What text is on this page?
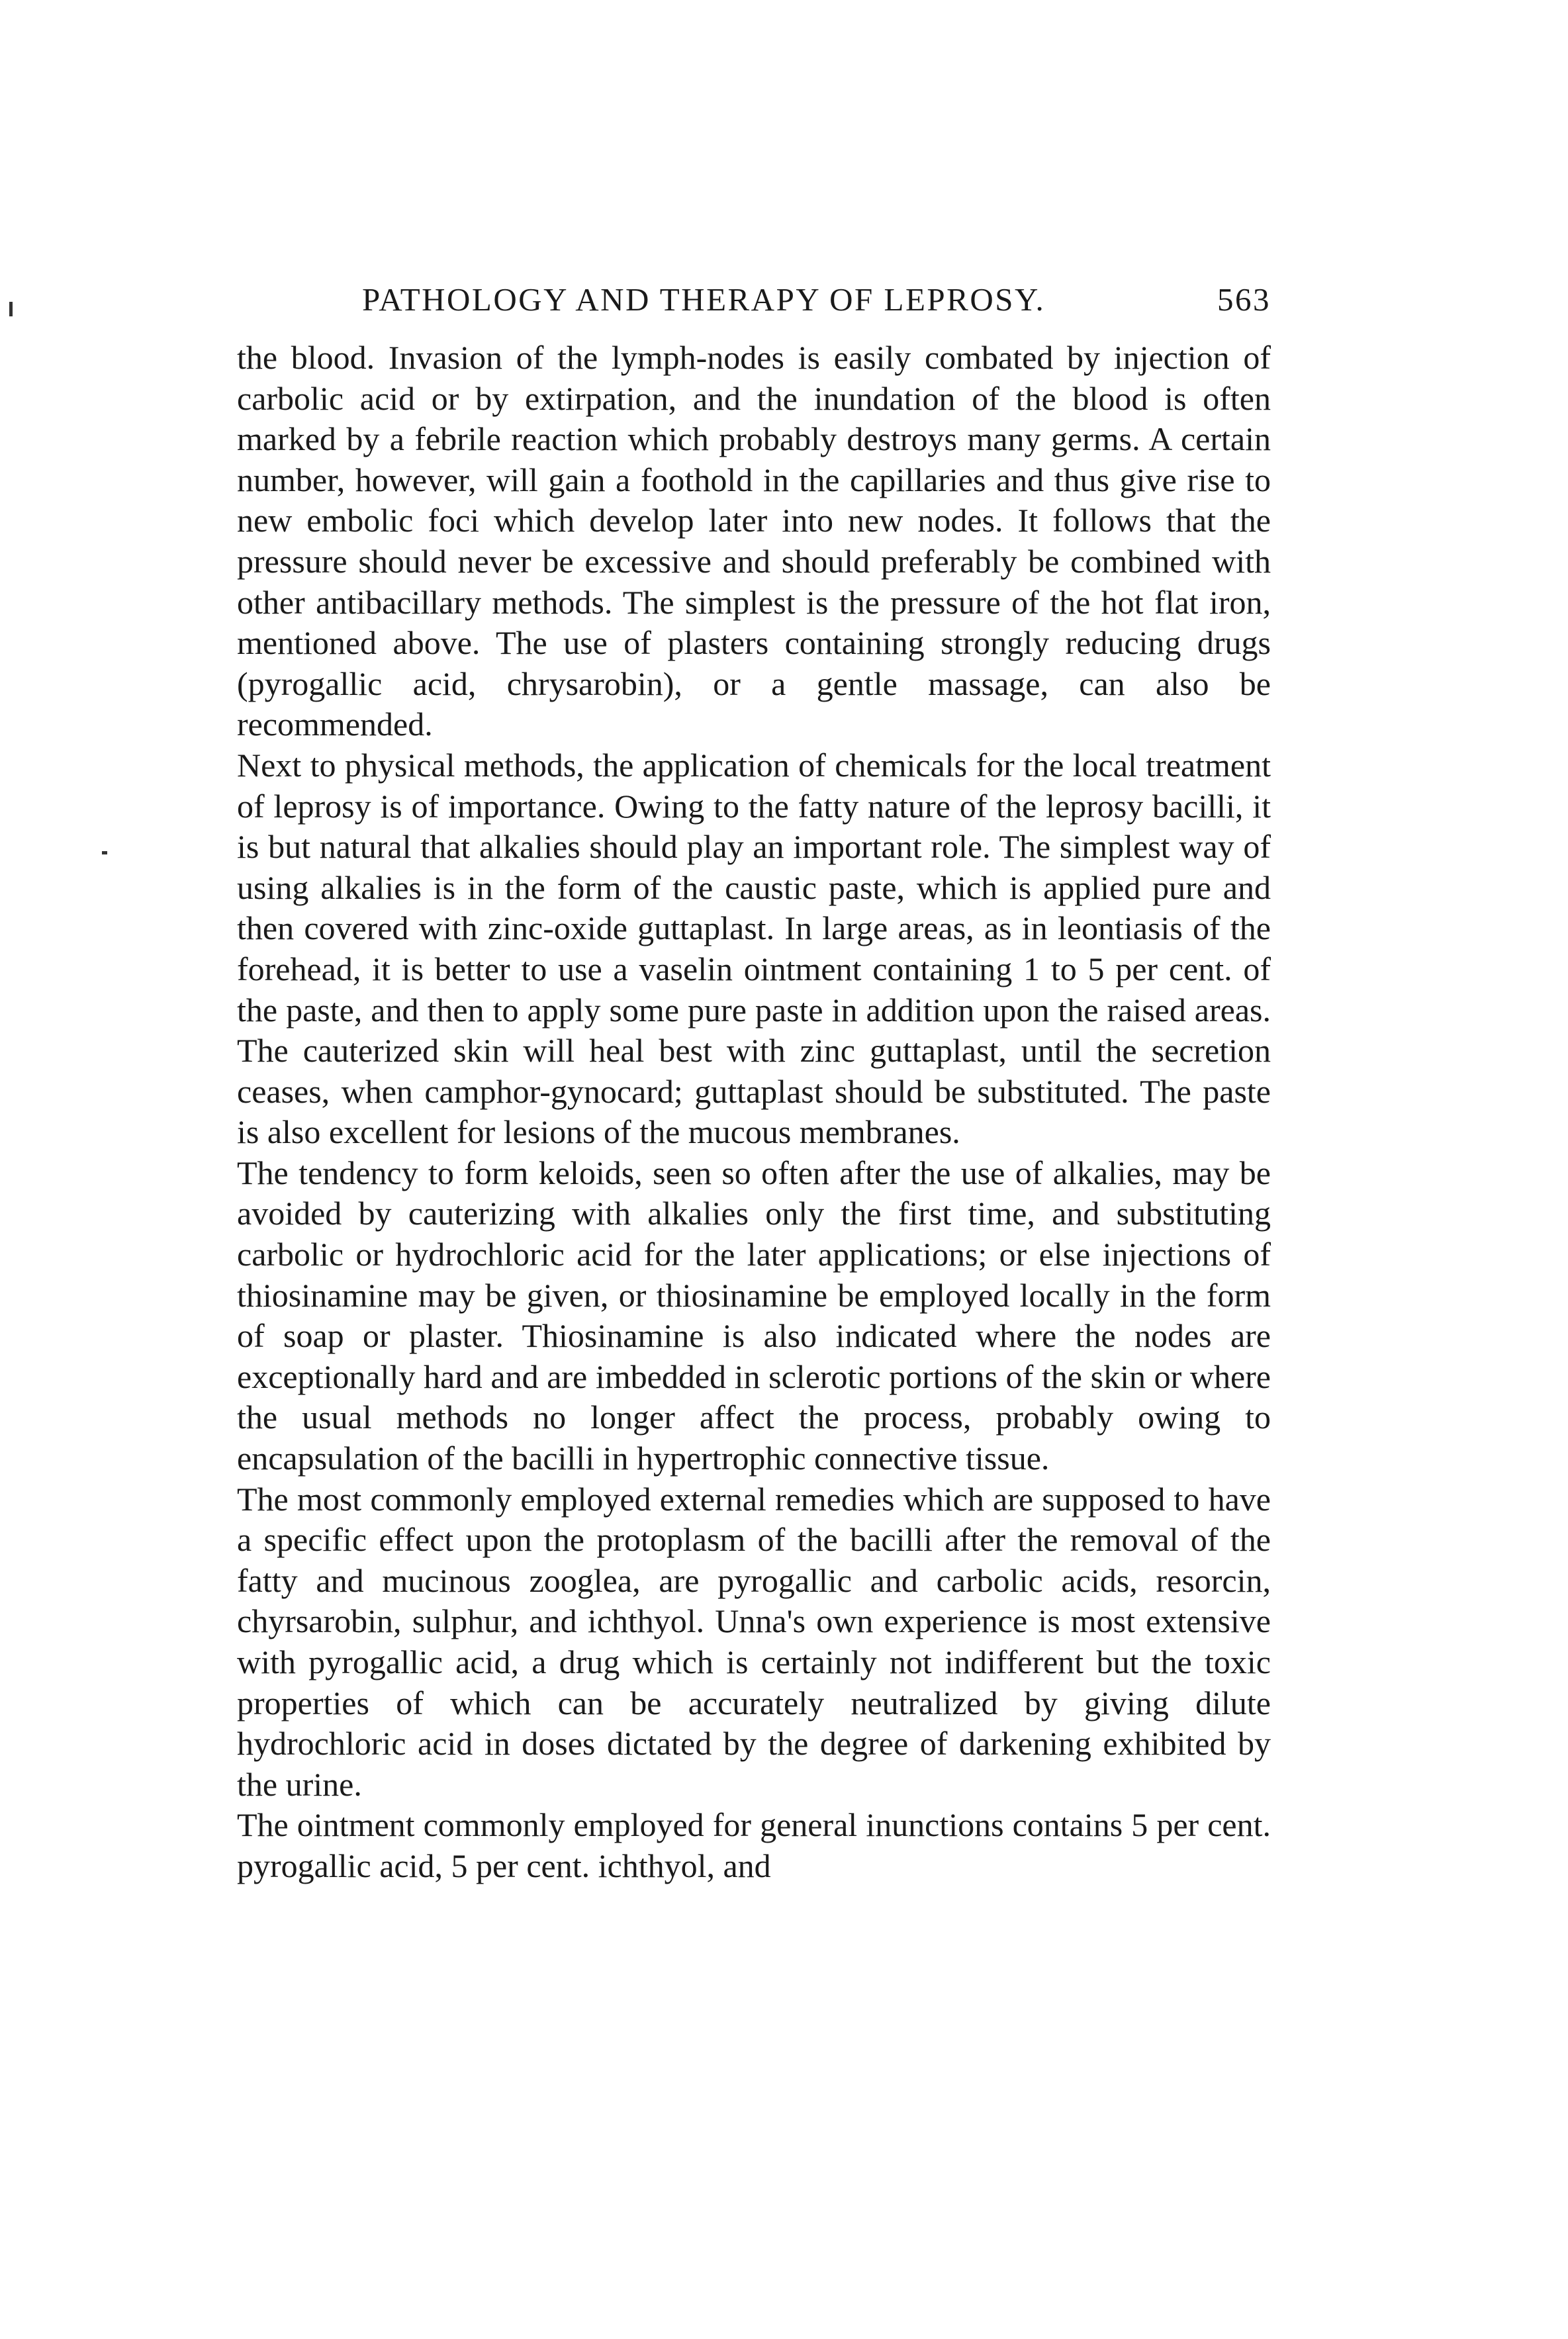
PATHOLOGY AND THERAPY OF LEPROSY.	563

the blood. Invasion of the lymph-nodes is easily combated by injection of carbolic acid or by extirpation, and the inundation of the blood is often marked by a febrile reaction which probably destroys many germs. A certain number, however, will gain a foothold in the capillaries and thus give rise to new embolic foci which develop later into new nodes. It follows that the pressure should never be excessive and should preferably be combined with other antibacillary methods. The simplest is the pressure of the hot flat iron, mentioned above. The use of plasters containing strongly reducing drugs (pyrogallic acid, chrysarobin), or a gentle massage, can also be recommended.

Next to physical methods, the application of chemicals for the local treatment of leprosy is of importance. Owing to the fatty nature of the leprosy bacilli, it is but natural that alkalies should play an important role. The simplest way of using alkalies is in the form of the caustic paste, which is applied pure and then covered with zinc-oxide guttaplast. In large areas, as in leontiasis of the forehead, it is better to use a vaselin ointment containing 1 to 5 per cent. of the paste, and then to apply some pure paste in addition upon the raised areas. The cauterized skin will heal best with zinc guttaplast, until the secretion ceases, when camphor-gynocard; guttaplast should be substituted. The paste is also excellent for lesions of the mucous membranes.

The tendency to form keloids, seen so often after the use of alkalies, may be avoided by cauterizing with alkalies only the first time, and substituting carbolic or hydrochloric acid for the later applications; or else injections of thiosinamine may be given, or thiosinamine be employed locally in the form of soap or plaster. Thiosinamine is also indicated where the nodes are exceptionally hard and are imbedded in sclerotic portions of the skin or where the usual methods no longer affect the process, probably owing to encapsulation of the bacilli in hypertrophic connective tissue.

The most commonly employed external remedies which are supposed to have a specific effect upon the protoplasm of the bacilli after the removal of the fatty and mucinous zooglea, are pyrogallic and carbolic acids, resorcin, chyrsarobin, sulphur, and ichthyol. Unna's own experience is most extensive with pyrogallic acid, a drug which is certainly not indifferent but the toxic properties of which can be accurately neutralized by giving dilute hydrochloric acid in doses dictated by the degree of darkening exhibited by the urine.

The ointment commonly employed for general inunctions contains 5 per cent. pyrogallic acid, 5 per cent. ichthyol, and
